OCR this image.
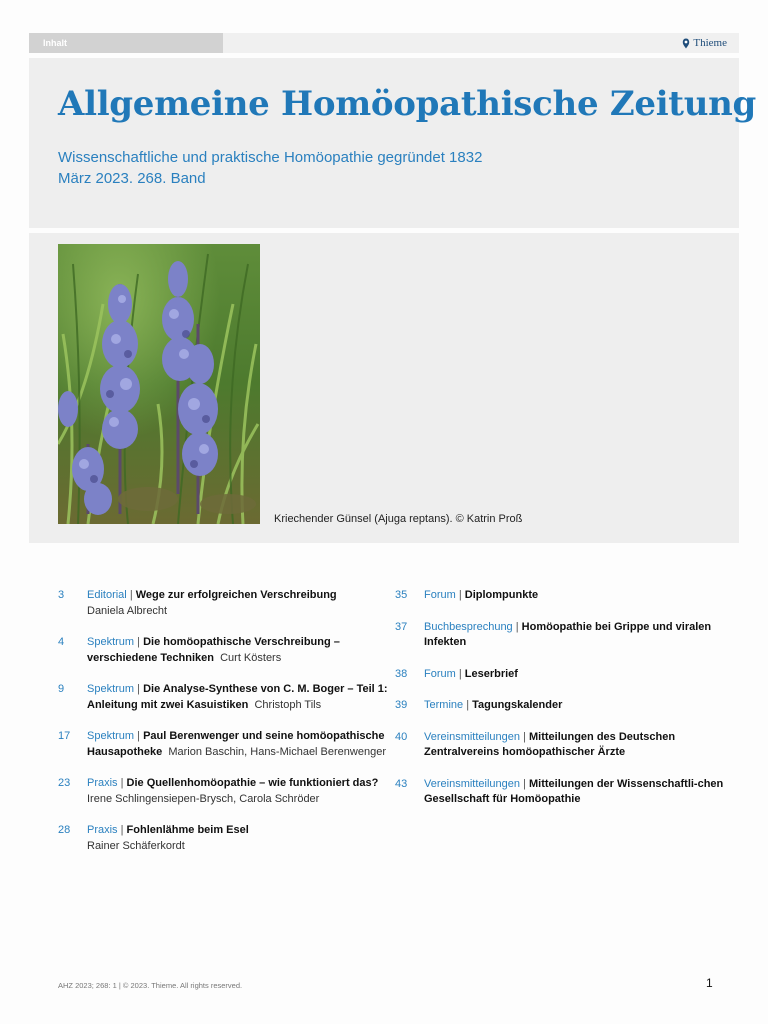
Inhalt	Thieme
Allgemeine Homöopathische Zeitung
Wissenschaftliche und praktische Homöopathie gegründet 1832
März 2023. 268. Band
Kriechender Günsel (Ajuga reptans). © Katrin Proß
3	Editorial | Wege zur erfolgreichen Verschreibung
Daniela Albrecht
4	Spektrum | Die homöopathische Verschreibung – verschiedene Techniken Curt Kösters
9	Spektrum | Die Analyse-Synthese von C. M. Boger – Teil 1: Anleitung mit zwei Kasuistiken Christoph Tils
17	Spektrum | Paul Berenwenger und seine homöopathische Hausapotheke Marion Baschin, Hans-Michael Berenwenger
23	Praxis | Die Quellenhomöopathie – wie funktioniert das?  Irene Schlingensiepen-Brysch, Carola Schröder
28	Praxis | Fohlenlähme beim Esel
Rainer Schäferkordt
35	Forum | Diplompunkte
37	Buchbesprechung | Homöopathie bei Grippe und viralen Infekten
38	Forum | Leserbrief
39	Termine | Tagungskalender
40	Vereinsmitteilungen | Mitteilungen des Deutschen Zentralvereins homöopathischer Ärzte
43	Vereinsmitteilungen | Mitteilungen der Wissenschaftli-chen Gesellschaft für Homöopathie
AHZ 2023; 268: 1 | © 2023. Thieme. All rights reserved.	1
